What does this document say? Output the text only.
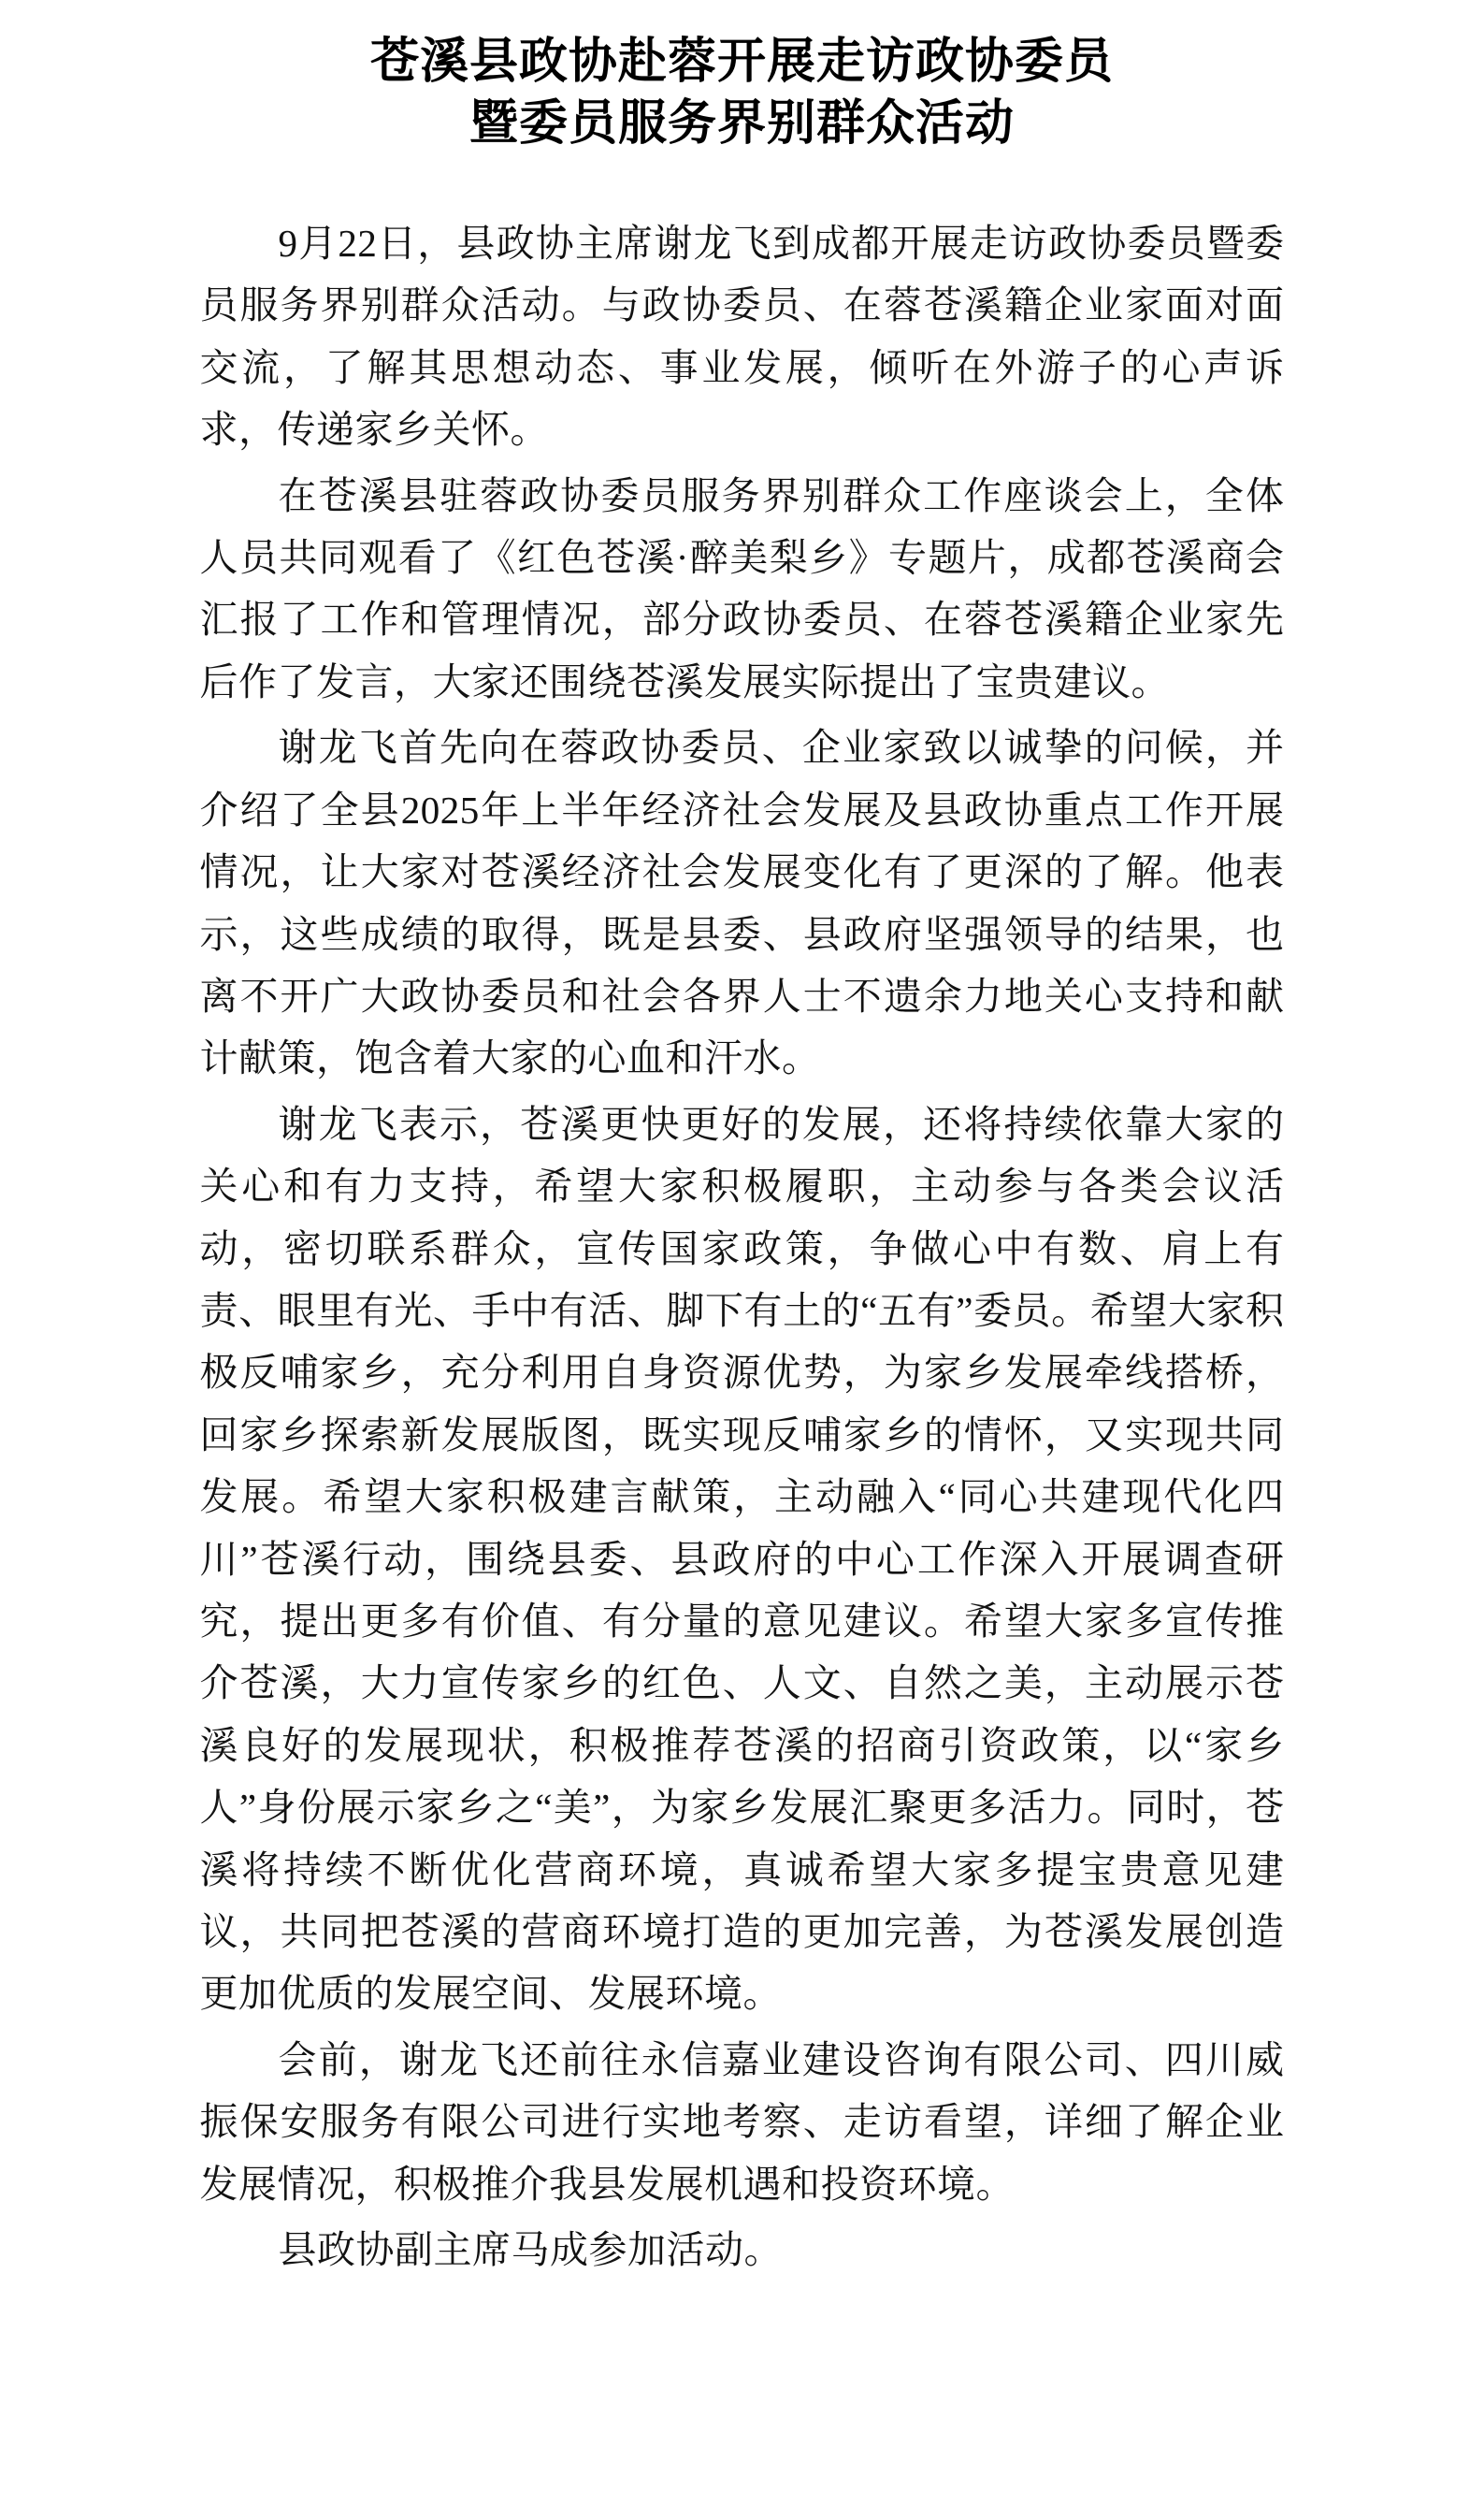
苍溪县政协赴蓉开展走访政协委员
暨委员服务界别群众活动

9月22日，县政协主席谢龙飞到成都开展走访政协委员暨委员服务界别群众活动。与政协委员、在蓉苍溪籍企业家面对面交流，了解其思想动态、事业发展，倾听在外游子的心声诉求，传递家乡关怀。

在苍溪县驻蓉政协委员服务界别群众工作座谈会上，全体人员共同观看了《红色苍溪·醉美梨乡》专题片，成都苍溪商会汇报了工作和管理情况，部分政协委员、在蓉苍溪籍企业家先后作了发言，大家还围绕苍溪发展实际提出了宝贵建议。

谢龙飞首先向在蓉政协委员、企业家致以诚挚的问候，并介绍了全县2025年上半年经济社会发展及县政协重点工作开展情况，让大家对苍溪经济社会发展变化有了更深的了解。他表示，这些成绩的取得，既是县委、县政府坚强领导的结果，也离不开广大政协委员和社会各界人士不遗余力地关心支持和献计献策，饱含着大家的心血和汗水。

谢龙飞表示，苍溪更快更好的发展，还将持续依靠大家的关心和有力支持，希望大家积极履职，主动参与各类会议活动，密切联系群众，宣传国家政策，争做心中有数、肩上有责、眼里有光、手中有活、脚下有土的“五有”委员。希望大家积极反哺家乡，充分利用自身资源优势，为家乡发展牵线搭桥，回家乡探索新发展版图，既实现反哺家乡的情怀，又实现共同发展。希望大家积极建言献策，主动融入“同心共建现代化四川”苍溪行动，围绕县委、县政府的中心工作深入开展调查研究，提出更多有价值、有分量的意见建议。希望大家多宣传推介苍溪，大力宣传家乡的红色、人文、自然之美，主动展示苍溪良好的发展现状，积极推荐苍溪的招商引资政策，以“家乡人”身份展示家乡之“美”，为家乡发展汇聚更多活力。同时，苍溪将持续不断优化营商环境，真诚希望大家多提宝贵意见建议，共同把苍溪的营商环境打造的更加完善，为苍溪发展创造更加优质的发展空间、发展环境。

会前，谢龙飞还前往永信嘉业建设咨询有限公司、四川威振保安服务有限公司进行实地考察、走访看望，详细了解企业发展情况，积极推介我县发展机遇和投资环境。

县政协副主席马成参加活动。
